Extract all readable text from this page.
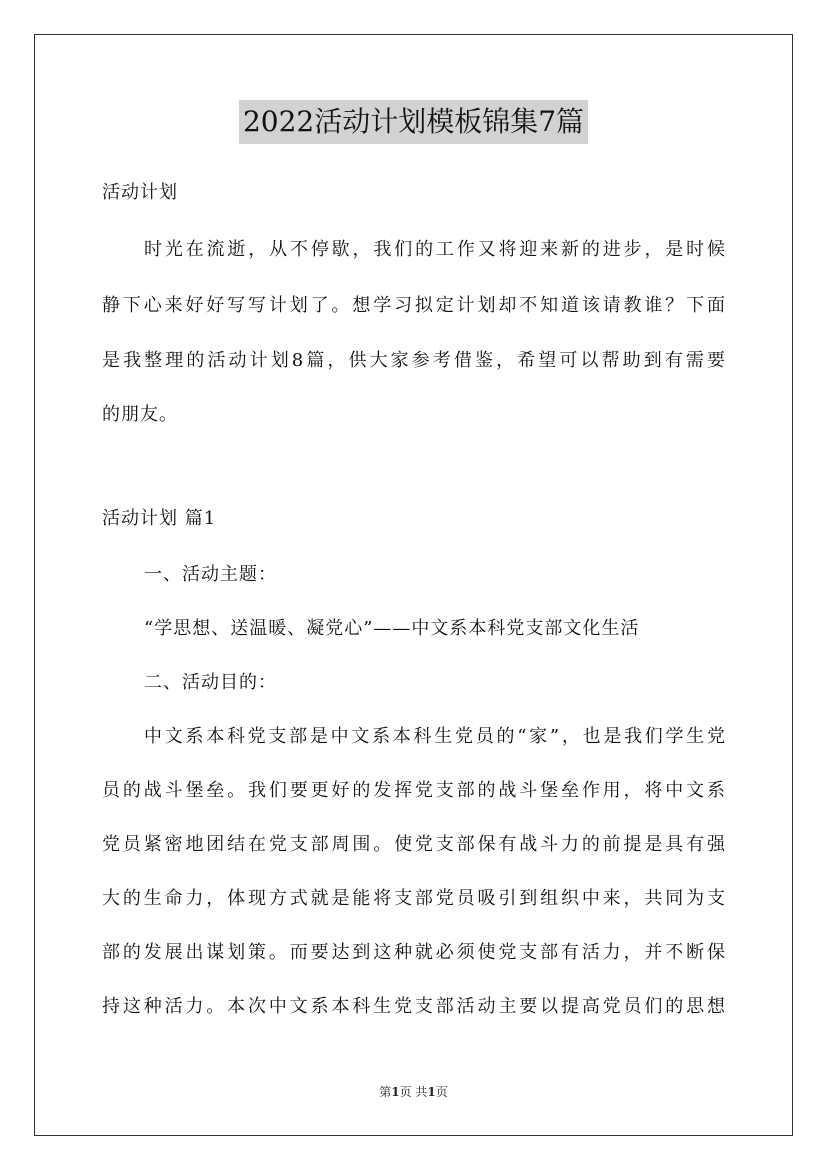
2022活动计划模板锦集7篇
活动计划
时光在流逝，从不停歇，我们的工作又将迎来新的进步，是时候
静下心来好好写写计划了。想学习拟定计划却不知道该请教谁？下面
是我整理的活动计划8篇，供大家参考借鉴，希望可以帮助到有需要
的朋友。
活动计划 篇1
一、活动主题：
“学思想、送温暖、凝党心”——中文系本科党支部文化生活
二、活动目的：
中文系本科党支部是中文系本科生党员的“家”，也是我们学生党
员的战斗堡垒。我们要更好的发挥党支部的战斗堡垒作用，将中文系
党员紧密地团结在党支部周围。使党支部保有战斗力的前提是具有强
大的生命力，体现方式就是能将支部党员吸引到组织中来，共同为支
部的发展出谋划策。而要达到这种就必须使党支部有活力，并不断保
持这种活力。本次中文系本科生党支部活动主要以提高党员们的思想
第1页 共1页
